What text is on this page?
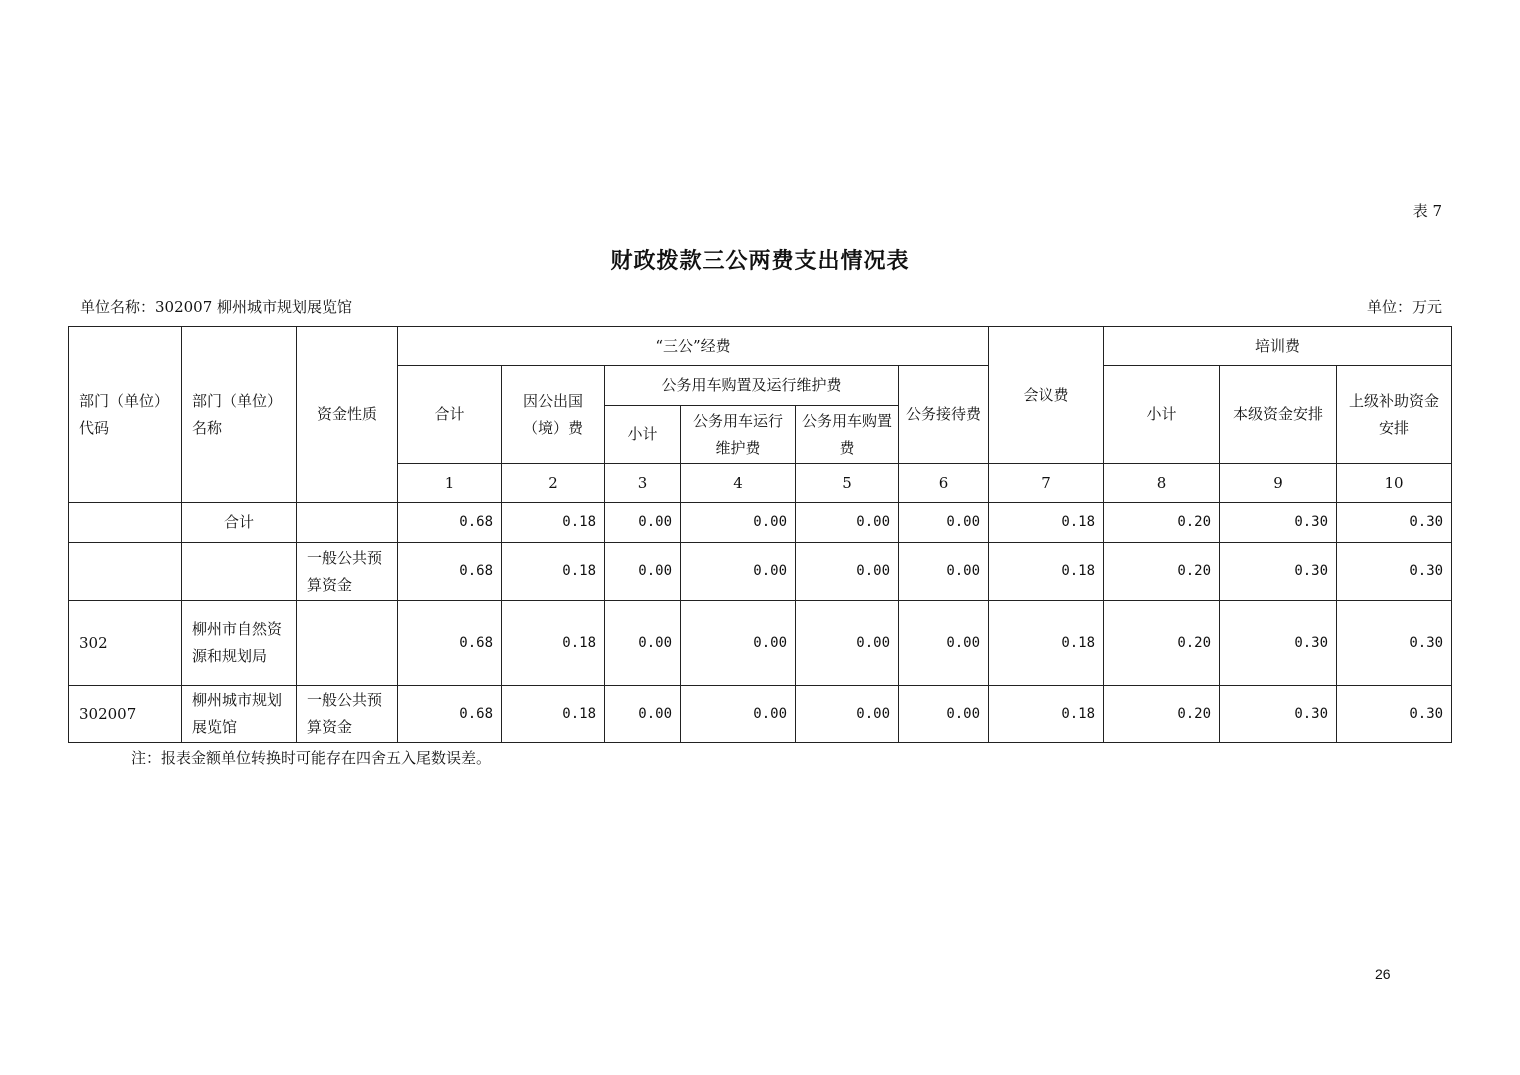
表 7
财政拨款三公两费支出情况表
单位名称：302007 柳州城市规划展览馆	单位：万元
部门（单位）代码	部门（单位）名称	资金性质	“三公”经费						会议费	培训费		
			合计	因公出国（境）费	公务用车购置及运行维护费			公务接待费		小计	本级资金安排	上级补助资金安排
					小计	公务用车运行维护费	公务用车购置费					
			1	2	3	4	5	6	7	8	9	10
	合计		0.68	0.18	0.00	0.00	0.00	0.00	0.18	0.20	0.30	0.30
		一般公共预算资金	0.68	0.18	0.00	0.00	0.00	0.00	0.18	0.20	0.30	0.30
302	柳州市自然资源和规划局		0.68	0.18	0.00	0.00	0.00	0.00	0.18	0.20	0.30	0.30
302007	柳州城市规划展览馆	一般公共预算资金	0.68	0.18	0.00	0.00	0.00	0.00	0.18	0.20	0.30	0.30
注：报表金额单位转换时可能存在四舍五入尾数误差。
26
